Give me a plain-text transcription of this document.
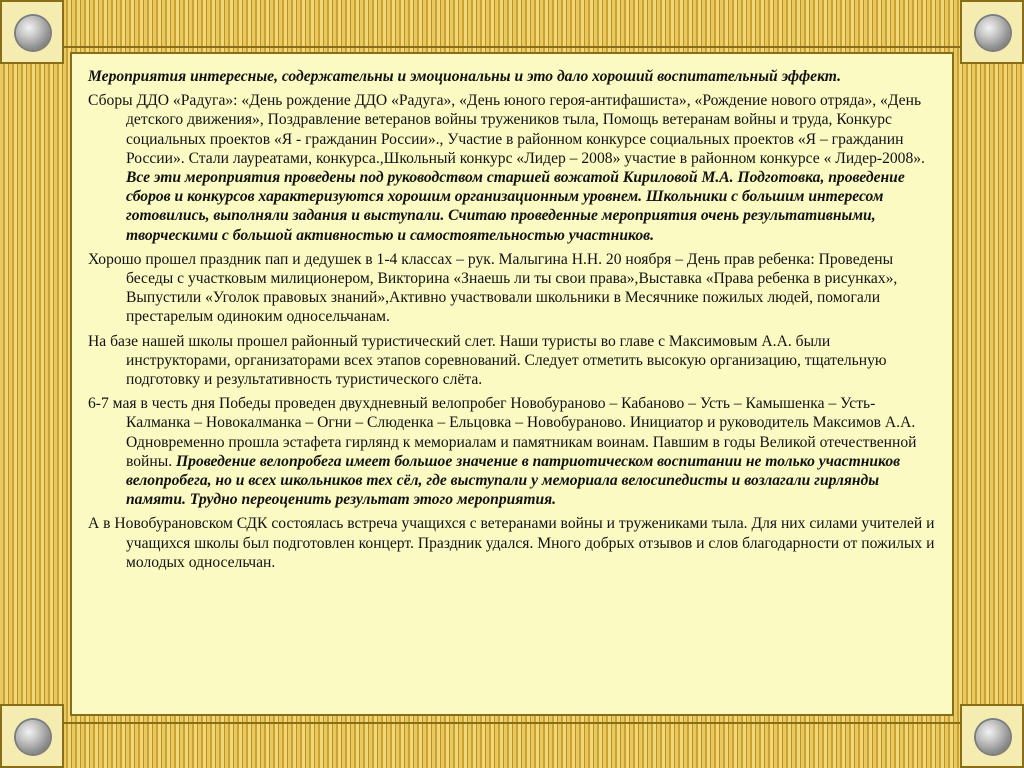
Мероприятия интересные, содержательны и эмоциональны и это дало хороший воспитательный эффект.

Сборы ДДО «Радуга»: «День рождение ДДО «Радуга», «День юного героя-антифашиста», «Рождение нового отряда», «День детского движения», Поздравление ветеранов войны тружеников тыла, Помощь ветеранам войны и труда, Конкурс социальных проектов «Я - гражданин России»., Участие в районном конкурсе социальных проектов «Я – гражданин России». Стали лауреатами, конкурса.,Школьный конкурс «Лидер – 2008» участие в районном конкурсе « Лидер-2008». Все эти мероприятия проведены под руководством старшей вожатой Кириловой М.А. Подготовка, проведение сборов и конкурсов характеризуются хорошим организационным уровнем. Школьники с большим интересом готовились, выполняли задания и выступали. Считаю проведенные мероприятия очень результативными, творческими с большой активностью и самостоятельностью участников.

Хорошо прошел праздник пап и дедушек в 1-4 классах – рук. Малыгина Н.Н. 20 ноября – День прав ребенка: Проведены беседы с участковым милиционером, Викторина «Знаешь ли ты свои права»,Выставка «Права ребенка в рисунках», Выпустили «Уголок правовых знаний»,Активно участвовали школьники в Месячнике пожилых людей, помогали престарелым одиноким односельчанам.

На базе нашей школы прошел районный туристический слет. Наши туристы во главе с Максимовым А.А. были инструкторами, организаторами всех этапов соревнований. Следует отметить высокую организацию, тщательную подготовку и результативность туристического слёта.

6-7 мая в честь дня Победы проведен двухдневный велопробег Новобураново – Кабаново – Усть – Камышенка – Усть-Калманка – Новокалманка – Огни – Слюденка – Ельцовка – Новобураново. Инициатор и руководитель Максимов А.А. Одновременно прошла эстафета гирлянд к мемориалам и памятникам воинам. Павшим в годы Великой отечественной войны. Проведение велопробега имеет большое значение в патриотическом воспитании не только участников велопробега, но и всех школьников тех сёл, где выступали у мемориала велосипедисты и возлагали гирлянды памяти. Трудно переоценить результат этого мероприятия.

А в Новобурановском СДК состоялась встреча учащихся с ветеранами войны и тружениками тыла. Для них силами учителей и учащихся школы был подготовлен концерт. Праздник удался. Много добрых отзывов и слов благодарности от пожилых и молодых односельчан.
